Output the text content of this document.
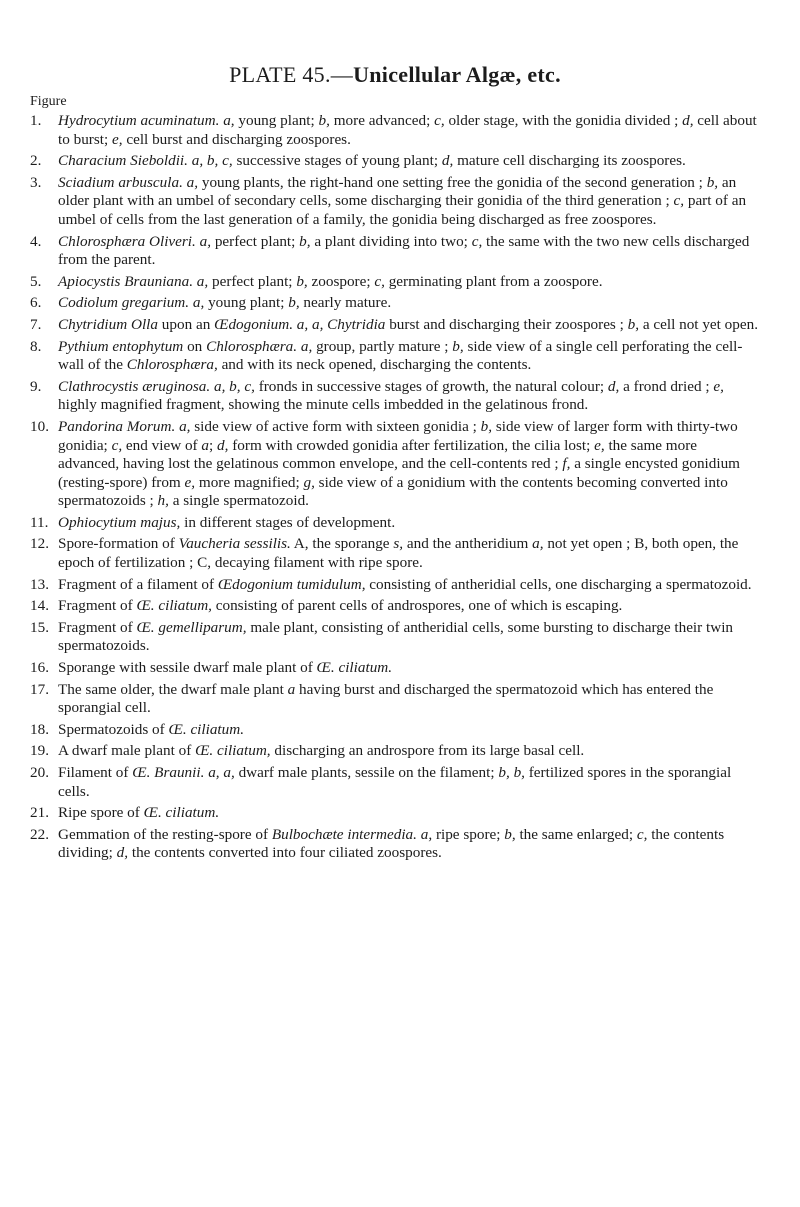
PLATE 45.—Unicellular Algæ, etc.
Figure
1. Hydrocytium acuminatum. a, young plant; b, more advanced; c, older stage, with the gonidia divided ; d, cell about to burst; e, cell burst and discharging zoospores.
2. Characium Sieboldii. a, b, c, successive stages of young plant; d, mature cell discharging its zoospores.
3. Sciadium arbuscula. a, young plants, the right-hand one setting free the gonidia of the second generation ; b, an older plant with an umbel of secondary cells, some discharging their gonidia of the third generation ; c, part of an umbel of cells from the last generation of a family, the gonidia being discharged as free zoospores.
4. Chlorosphæra Oliveri. a, perfect plant; b, a plant dividing into two; c, the same with the two new cells discharged from the parent.
5. Apiocystis Brauniana. a, perfect plant; b, zoospore; c, germinating plant from a zoospore.
6. Codiolum gregarium. a, young plant; b, nearly mature.
7. Chytridium Olla upon an Œdogonium. a, a, Chytridia burst and discharging their zoospores ; b, a cell not yet open.
8. Pythium entophytum on Chlorosphæra. a, group, partly mature ; b, side view of a single cell perforating the cell-wall of the Chlorosphæra, and with its neck opened, discharging the contents.
9. Clathrocystis æruginosa. a, b, c, fronds in successive stages of growth, the natural colour; d, a frond dried ; e, highly magnified fragment, showing the minute cells imbedded in the gelatinous frond.
10. Pandorina Morum. a, side view of active form with sixteen gonidia ; b, side view of larger form with thirty-two gonidia; c, end view of a; d, form with crowded gonidia after fertilization, the cilia lost; e, the same more advanced, having lost the gelatinous common envelope, and the cell-contents red ; f, a single encysted gonidium (resting-spore) from e, more magnified; g, side view of a gonidium with the contents becoming converted into spermatozoids ; h, a single spermatozoid.
11. Ophiocytium majus, in different stages of development.
12. Spore-formation of Vaucheria sessilis. A, the sporange s, and the antheridium a, not yet open ; B, both open, the epoch of fertilization ; C, decaying filament with ripe spore.
13. Fragment of a filament of Œdogonium tumidulum, consisting of antheridial cells, one discharging a spermatozoid.
14. Fragment of Œ. ciliatum, consisting of parent cells of androspores, one of which is escaping.
15. Fragment of Œ. gemelliparum, male plant, consisting of antheridial cells, some bursting to discharge their twin spermatozoids.
16. Sporange with sessile dwarf male plant of Œ. ciliatum.
17. The same older, the dwarf male plant a having burst and discharged the spermatozoid which has entered the sporangial cell.
18. Spermatozoids of Œ. ciliatum.
19. A dwarf male plant of Œ. ciliatum, discharging an androspore from its large basal cell.
20. Filament of Œ. Braunii. a, a, dwarf male plants, sessile on the filament; b, b, fertilized spores in the sporangial cells.
21. Ripe spore of Œ. ciliatum.
22. Gemmation of the resting-spore of Bulbochæte intermedia. a, ripe spore; b, the same enlarged; c, the contents dividing; d, the contents converted into four ciliated zoospores.
